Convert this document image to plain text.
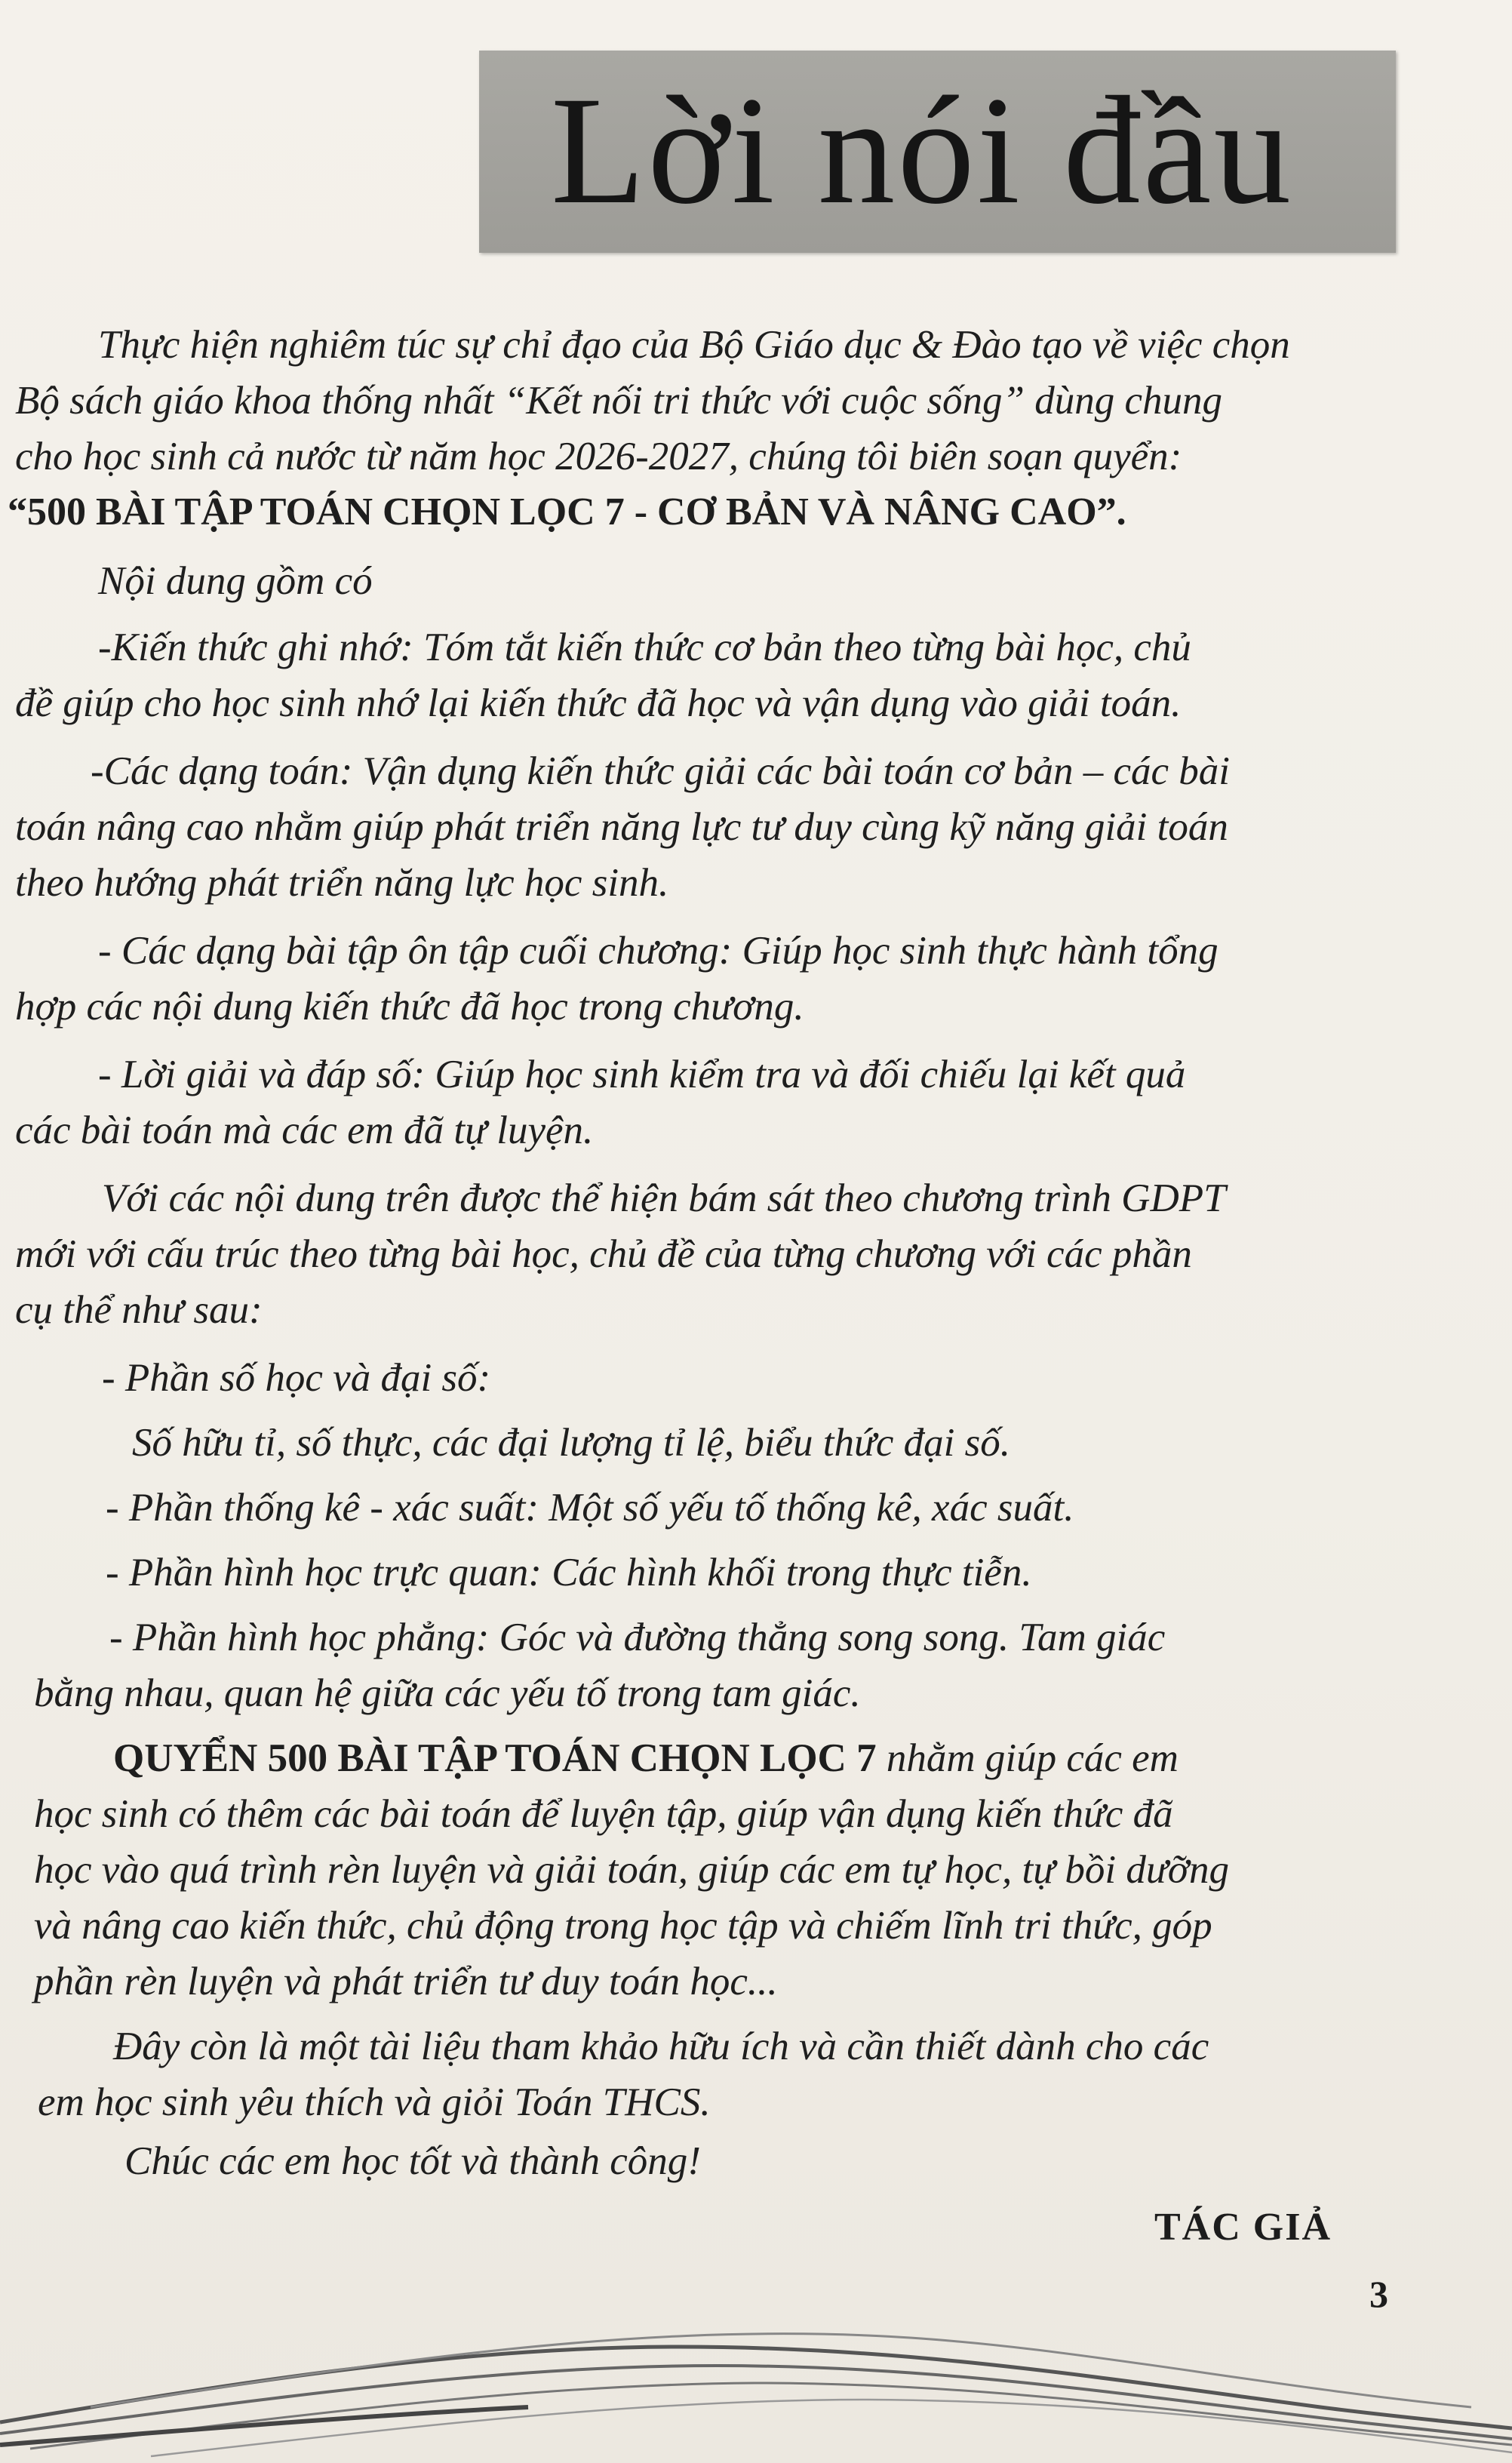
Lời nói đầu
Thực hiện nghiêm túc sự chỉ đạo của Bộ Giáo dục & Đào tạo về việc chọn
Bộ sách giáo khoa thống nhất “Kết nối tri thức với cuộc sống” dùng chung
cho học sinh cả nước từ năm học 2026-2027, chúng tôi biên soạn quyển:
“500 BÀI TẬP TOÁN CHỌN LỌC 7 - CƠ BẢN VÀ NÂNG CAO”.
Nội dung gồm có
-Kiến thức ghi nhớ: Tóm tắt kiến thức cơ bản theo từng bài học, chủ
đề giúp cho học sinh nhớ lại kiến thức đã học và vận dụng vào giải toán.
-Các dạng toán: Vận dụng kiến thức giải các bài toán cơ bản – các bài
toán nâng cao nhằm giúp phát triển năng lực tư duy cùng kỹ năng giải toán
theo hướng phát triển năng lực học sinh.
- Các dạng bài tập ôn tập cuối chương: Giúp học sinh thực hành tổng
hợp các nội dung kiến thức đã học trong chương.
- Lời giải và đáp số: Giúp học sinh kiểm tra và đối chiếu lại kết quả
các bài toán mà các em đã tự luyện.
Với các nội dung trên được thể hiện bám sát theo chương trình GDPT
mới với cấu trúc theo từng bài học, chủ đề của từng chương với các phần
cụ thể như sau:
- Phần số học và đại số:
Số hữu tỉ, số thực, các đại lượng tỉ lệ, biểu thức đại số.
- Phần thống kê - xác suất: Một số yếu tố thống kê, xác suất.
- Phần hình học trực quan: Các hình khối trong thực tiễn.
- Phần hình học phẳng: Góc và đường thẳng song song. Tam giác
bằng nhau, quan hệ giữa các yếu tố trong tam giác.
QUYỂN 500 BÀI TẬP TOÁN CHỌN LỌC 7 nhằm giúp các em
học sinh có thêm các bài toán để luyện tập, giúp vận dụng kiến thức đã
học vào quá trình rèn luyện và giải toán, giúp các em tự học, tự bồi dưỡng
và nâng cao kiến thức, chủ động trong học tập và chiếm lĩnh tri thức, góp
phần rèn luyện và phát triển tư duy toán học...
Đây còn là một tài liệu tham khảo hữu ích và cần thiết dành cho các
em học sinh yêu thích và giỏi Toán THCS.
Chúc các em học tốt và thành công!
TÁC GIẢ
3
